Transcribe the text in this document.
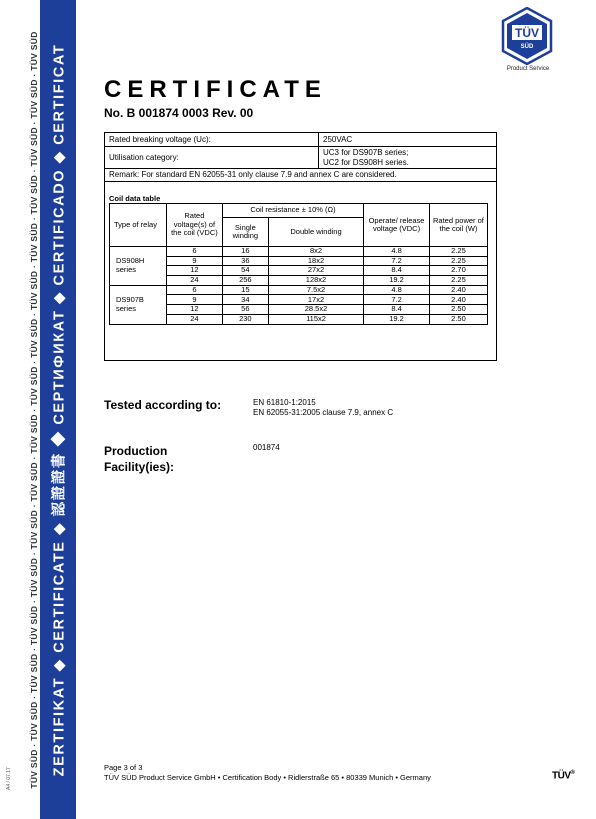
TÜV SÜD · TÜV SÜD · TÜV SÜD · TÜV SÜD · TÜV SÜD · TÜV SÜD · TÜV SÜD · TÜV SÜD · TÜV SÜD · TÜV SÜD · TÜV SÜD · TÜV SÜD · TÜV SÜD · TÜV SÜD · TÜV SÜD · TÜV SÜD ZERTIFIKAT ◆ CERTIFICATE ◆ 認證證書 ◆ СЕРТИФИКАТ ◆ CERTIFICADO ◆ CERTIFICAT
A4 / 07.17
TÜV
SÜD
Product Service
CERTIFICATE
No. B 001874 0003 Rev. 00
Rated breaking voltage (Uc):	250VAC
Utilisation category:
UC3 for DS907B series;
UC2 for DS908H series.
Remark: For standard EN 62055-31 only clause 7.9 and annex C are considered.
Coil data table
Type of relay	Rated voltage(s) of the coil (VDC)	Coil resistance ± 10% (Ω)		Operate/ release voltage (VDC)	Rated power of the coil (W)
		Single winding	Double winding		
DS908H series	6	16	8x2	4.8	2.25
	9	36	18x2	7.2	2.25
	12	54	27x2	8.4	2.70
	24	256	128x2	19.2	2.25
DS907B series	6	15	7.5x2	4.8	2.40
	9	34	17x2	7.2	2.40
	12	56	28.5x2	8.4	2.50
	24	230	115x2	19.2	2.50
Tested according to:	EN 61810-1:2015
EN 62055-31:2005 clause 7.9, annex C
Production
Facility(ies):
001874
Page 3 of 3
TÜV SÜD Product Service GmbH • Certification Body • Ridlerstraße 65 • 80339 Munich • Germany	TÜV®
